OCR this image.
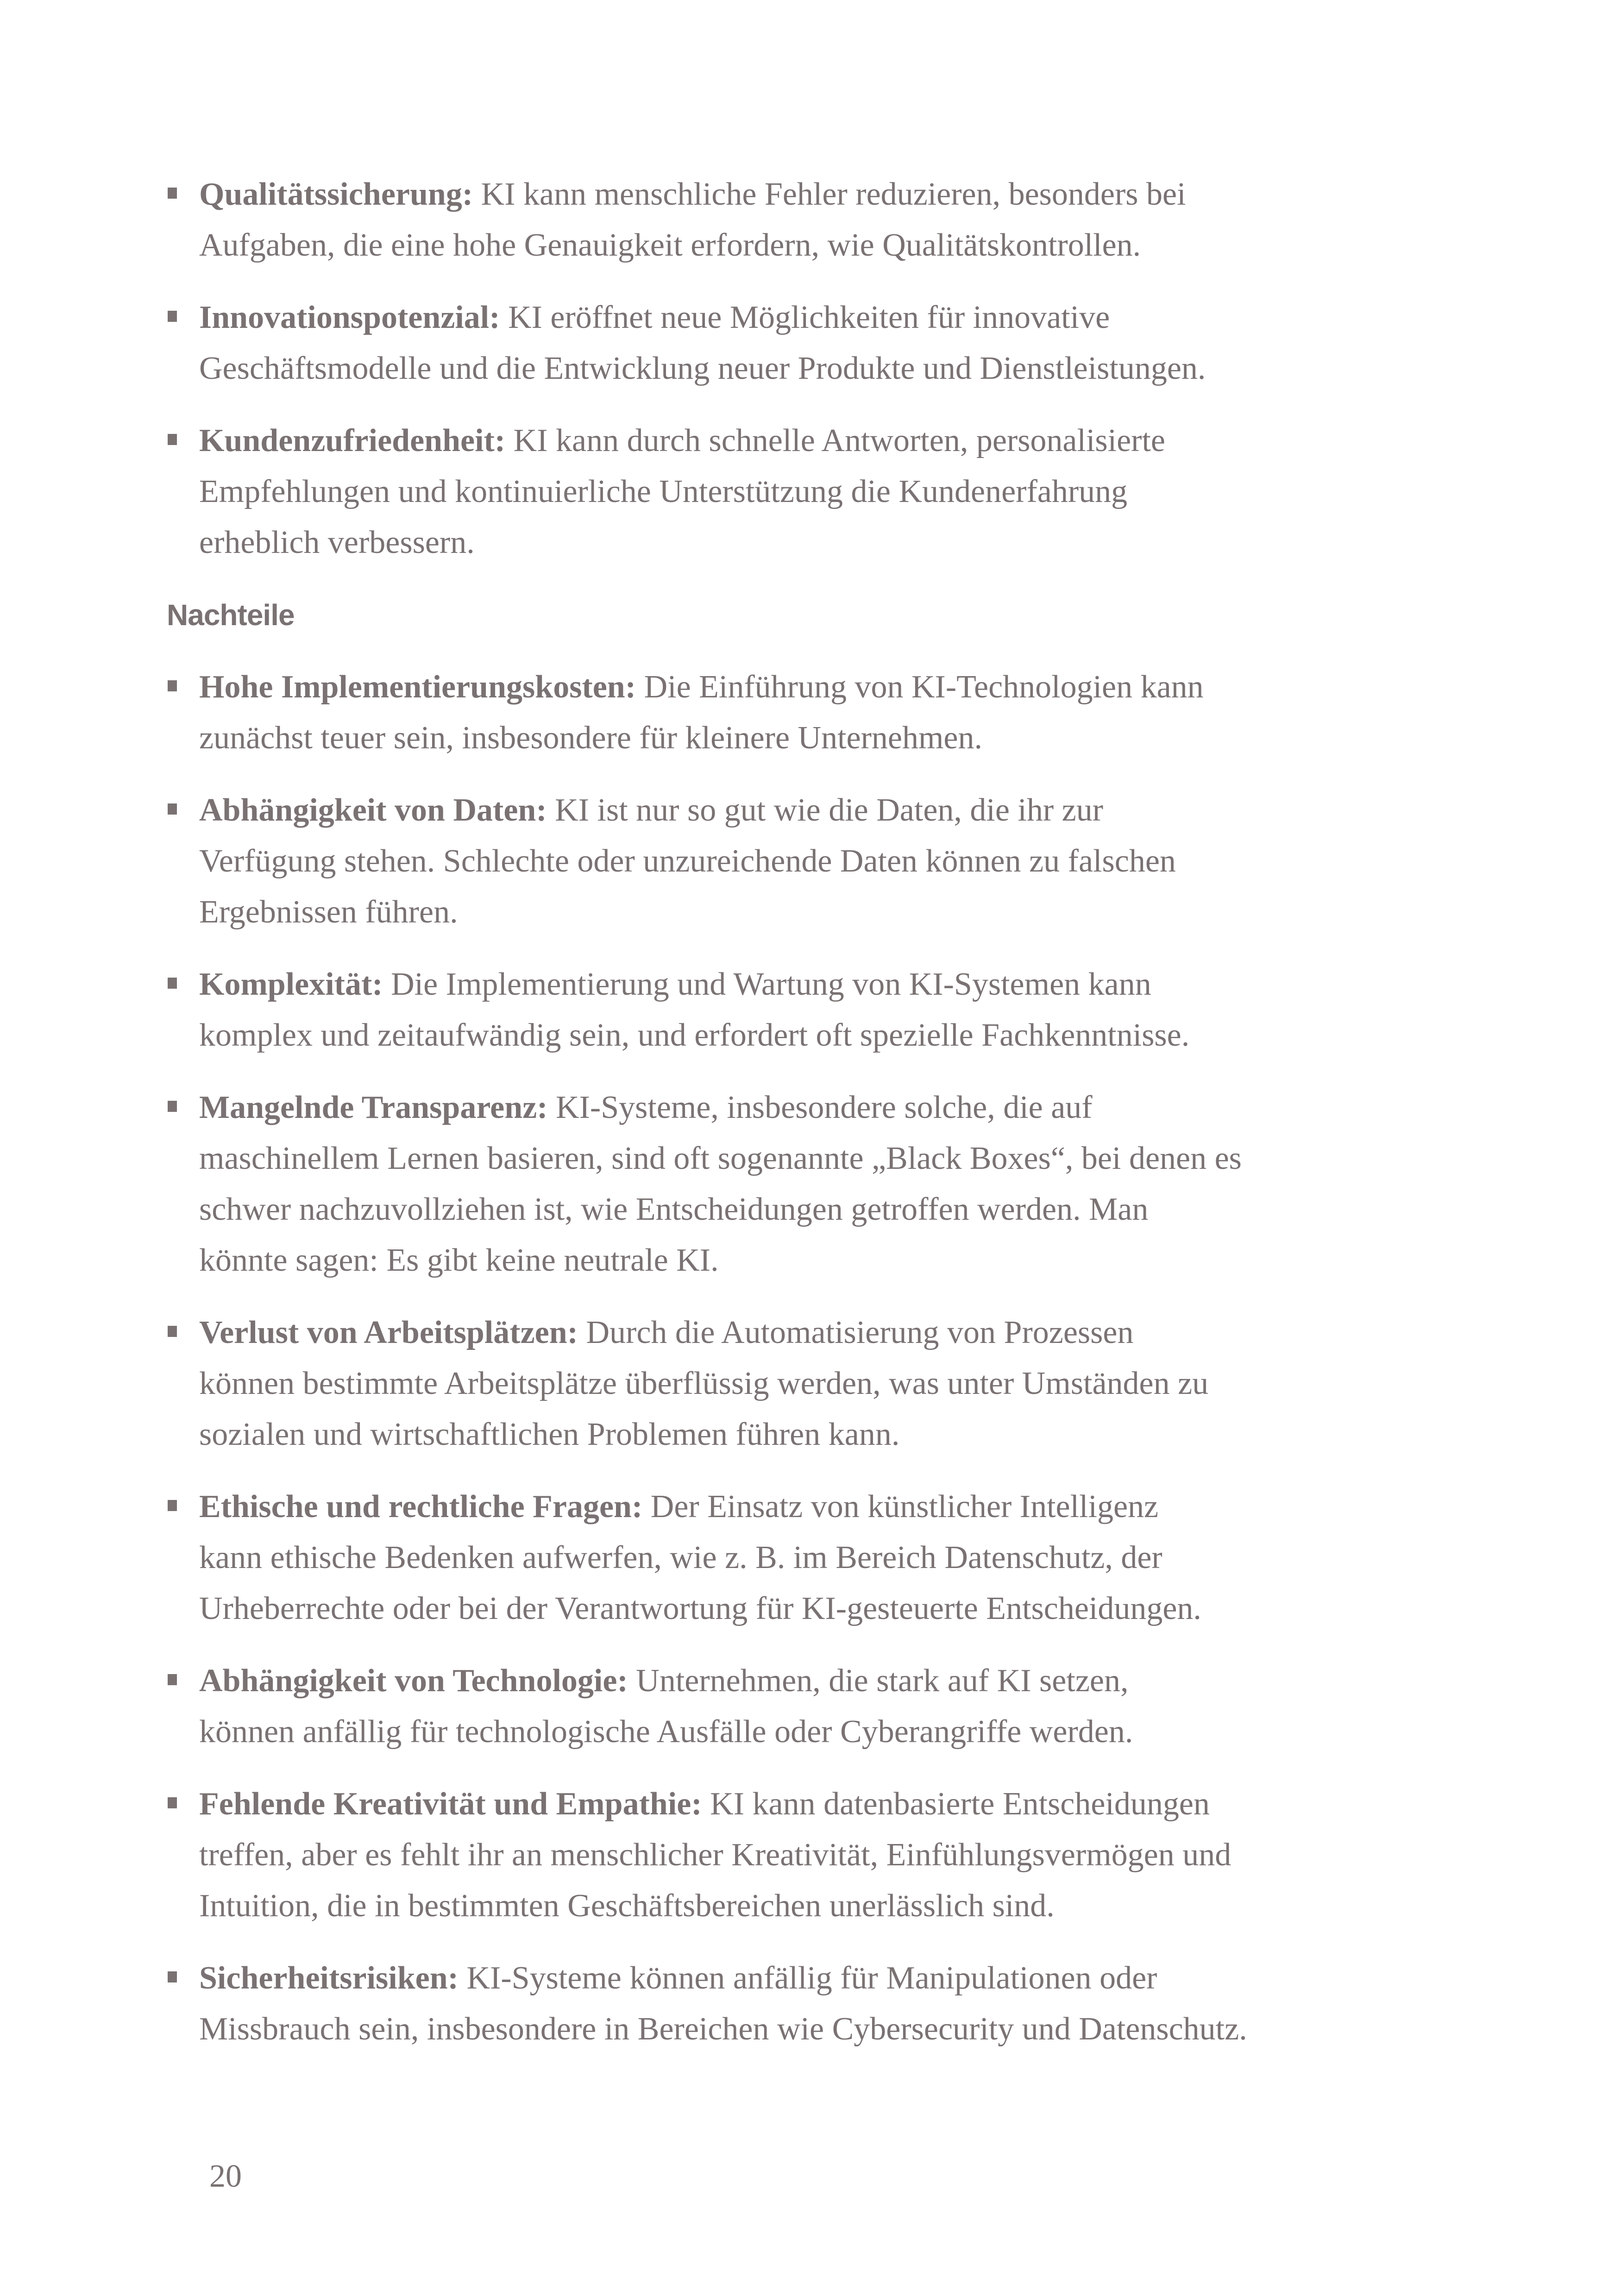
Qualitätssicherung: KI kann menschliche Fehler reduzieren, besonders bei
Aufgaben, die eine hohe Genauigkeit erfordern, wie Qualitätskontrollen.
Innovationspotenzial: KI eröffnet neue Möglichkeiten für innovative
Geschäftsmodelle und die Entwicklung neuer Produkte und Dienstleistungen.
Kundenzufriedenheit: KI kann durch schnelle Antworten, personalisierte
Empfehlungen und kontinuierliche Unterstützung die Kundenerfahrung
erheblich verbessern.
Nachteile
Hohe Implementierungskosten: Die Einführung von KI-Technologien kann
zunächst teuer sein, insbesondere für kleinere Unternehmen.
Abhängigkeit von Daten: KI ist nur so gut wie die Daten, die ihr zur
Verfügung stehen. Schlechte oder unzureichende Daten können zu falschen
Ergebnissen führen.
Komplexität: Die Implementierung und Wartung von KI-Systemen kann
komplex und zeitaufwändig sein, und erfordert oft spezielle Fachkenntnisse.
Mangelnde Transparenz: KI-Systeme, insbesondere solche, die auf
maschinellem Lernen basieren, sind oft sogenannte „Black Boxes“, bei denen es
schwer nachzuvollziehen ist, wie Entscheidungen getroffen werden. Man
könnte sagen: Es gibt keine neutrale KI.
Verlust von Arbeitsplätzen: Durch die Automatisierung von Prozessen
können bestimmte Arbeitsplätze überflüssig werden, was unter Umständen zu
sozialen und wirtschaftlichen Problemen führen kann.
Ethische und rechtliche Fragen: Der Einsatz von künstlicher Intelligenz
kann ethische Bedenken aufwerfen, wie z. B. im Bereich Datenschutz, der
Urheberrechte oder bei der Verantwortung für KI-gesteuerte Entscheidungen.
Abhängigkeit von Technologie: Unternehmen, die stark auf KI setzen,
können anfällig für technologische Ausfälle oder Cyberangriffe werden.
Fehlende Kreativität und Empathie: KI kann datenbasierte Entscheidungen
treffen, aber es fehlt ihr an menschlicher Kreativität, Einfühlungsvermögen und
Intuition, die in bestimmten Geschäftsbereichen unerlässlich sind.
Sicherheitsrisiken: KI-Systeme können anfällig für Manipulationen oder
Missbrauch sein, insbesondere in Bereichen wie Cybersecurity und Datenschutz.
20
